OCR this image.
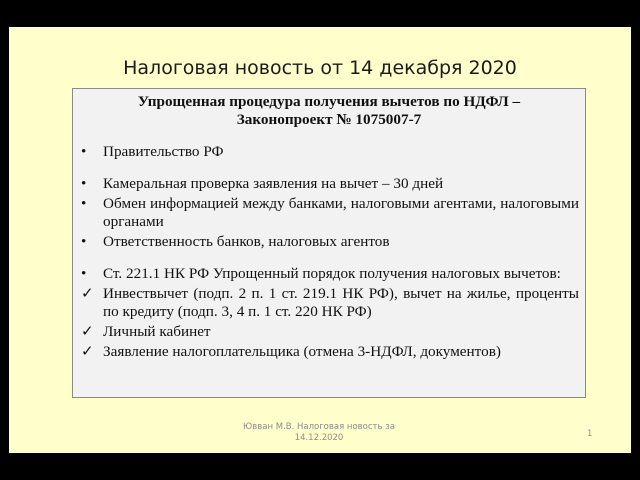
Налоговая новость от 14 декабря 2020
Упрощенная процедура получения вычетов по НДФЛ –
Законопроект № 1075007-7
•	Правительство РФ
•	Камеральная проверка заявления на вычет – 30 дней
•	Обмен информацией между банками, налоговыми агентами, налоговыми органами
•	Ответственность банков, налоговых агентов
•	Ст. 221.1 НК РФ Упрощенный порядок получения налоговых вычетов:
✓ Инвествычет (подп. 2 п. 1 ст. 219.1 НК РФ), вычет на жилье, проценты по кредиту (подп. 3, 4 п. 1 ст. 220 НК РФ)
✓ Личный кабинет
✓ Заявление налогоплательщика (отмена 3-НДФЛ, документов)
Ювван М.В. Налоговая новость за
14.12.2020	1
